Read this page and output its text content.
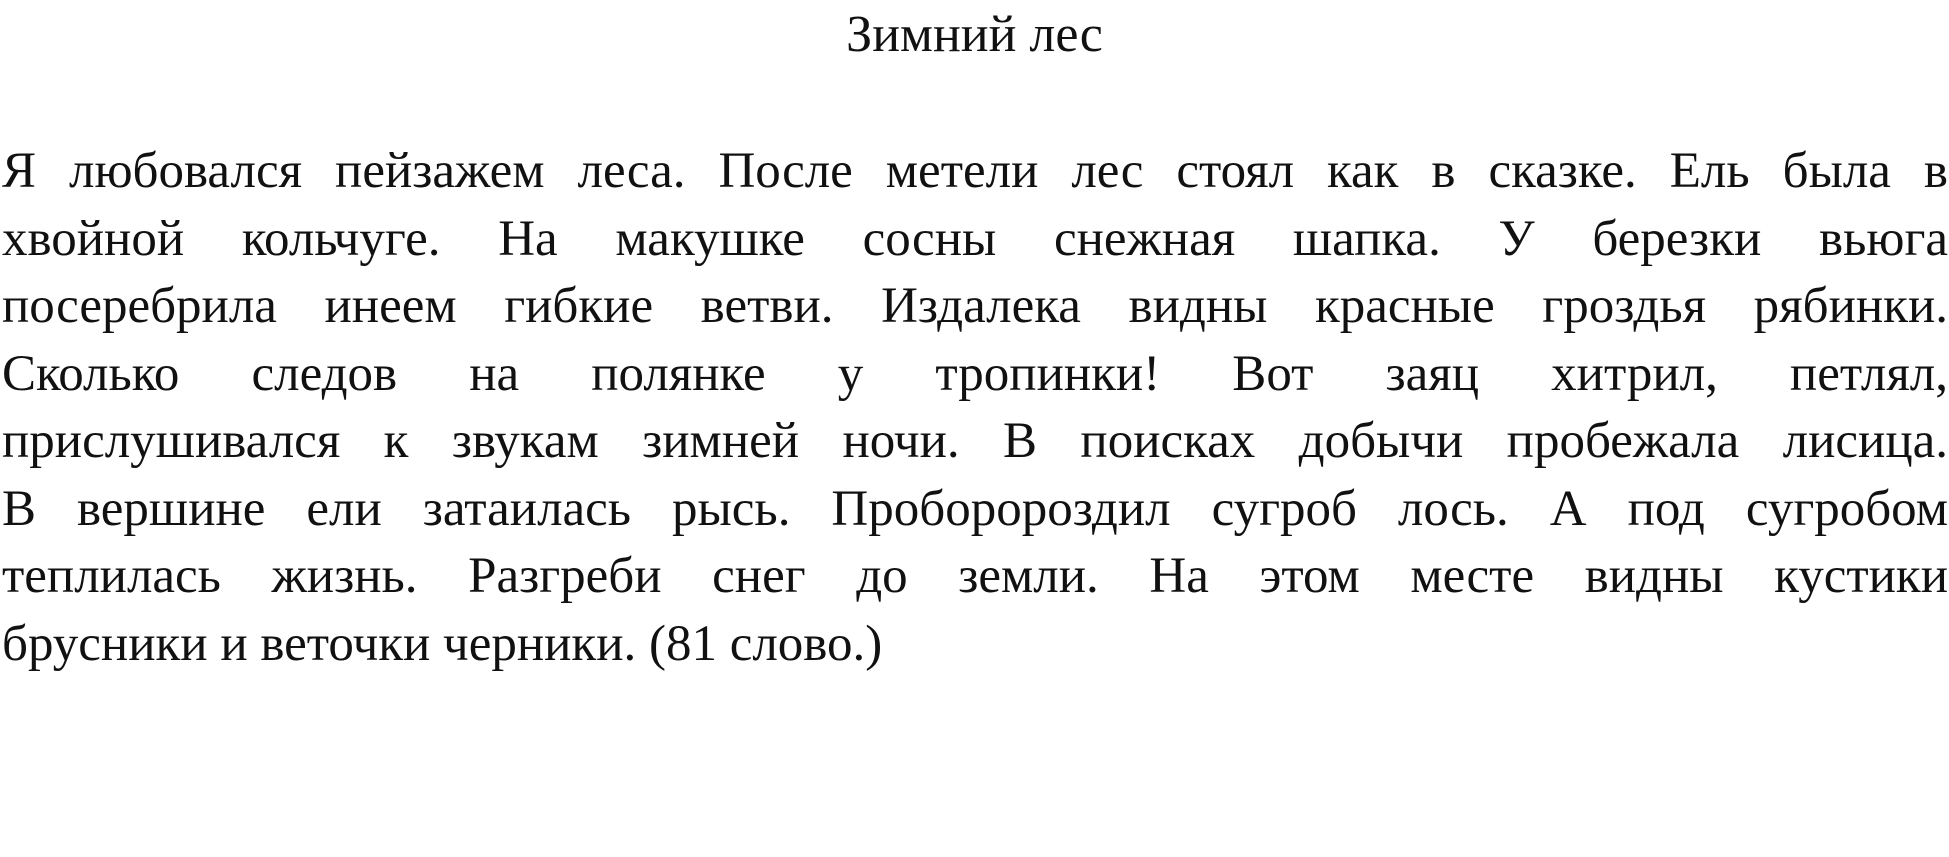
Зимний лес
Я любовался пейзажем леса. После метели лес стоял как в сказке. Ель была в
хвойной кольчуге. На макушке сосны снежная шапка. У березки вьюга
посеребрила инеем гибкие ветви. Издалека видны красные гроздья рябинки.
Сколько следов на полянке у тропинки! Вот заяц хитрил, петлял,
прислушивался к звукам зимней ночи. В поисках добычи пробежала лисица.
В вершине ели затаилась рысь. Проборороздил сугроб лось. А под сугробом
теплилась жизнь. Разгреби снег до земли. На этом месте видны кустики
брусники и веточки черники. (81 слово.)
